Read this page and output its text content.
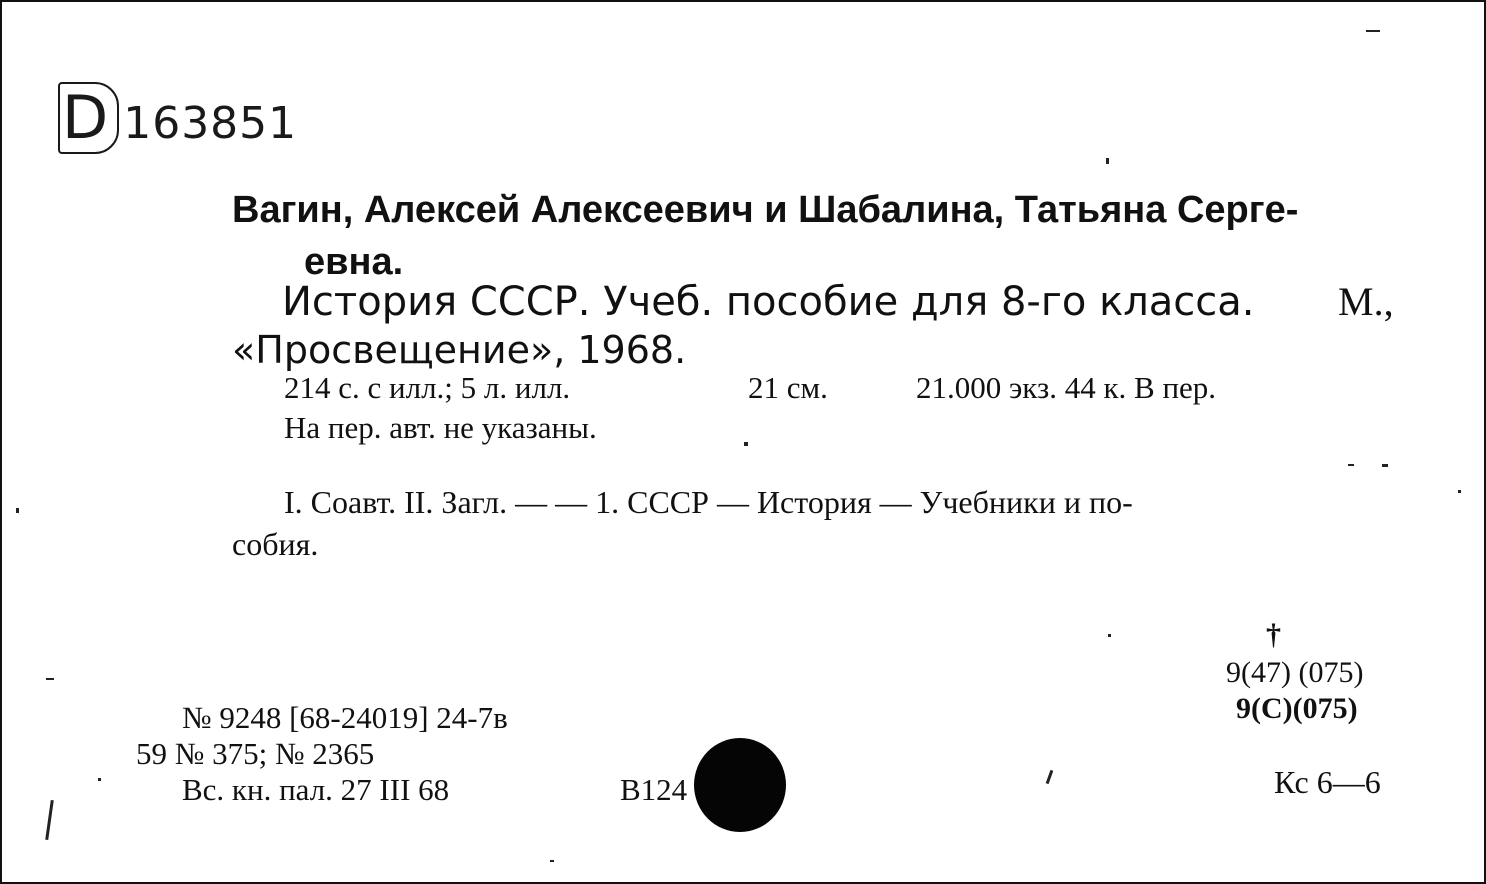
D 163851
Вагин, Алексей Алексеевич и Шабалина, Татьяна Серге-
евна.
История СССР. Учеб. пособие для 8-го класса. М.,
«Просвещение», 1968.
214 с. с илл.; 5 л. илл.	21 см.	21.000 экз. 44 к. В пер.
На пер. авт. не указаны.
I. Соавт. II. Загл. — — 1. СССР — История — Учебники и по-
собия.
†
9(47) (075)
9(С)(075)
Кс 6—6
№ 9248 [68-24019] 24-7в
59 № 375; № 2365
Вс. кн. пал. 27 III 68	В124
